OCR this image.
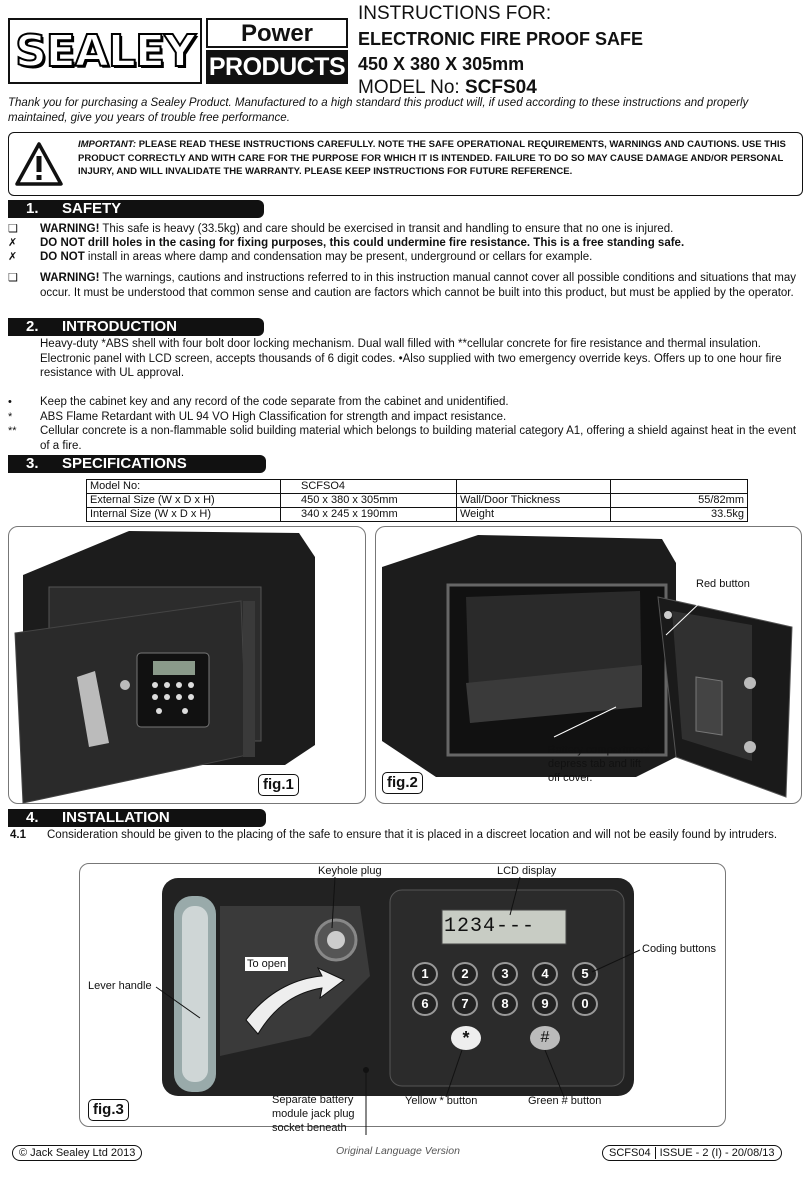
SEALEY	Power
PRODUCTS
INSTRUCTIONS FOR:
ELECTRONIC FIRE PROOF SAFE
450 X 380 X 305mm
MODEL No: SCFS04
Thank you for purchasing a Sealey Product. Manufactured to a high standard this product will, if used according to these instructions and properly maintained, give you years of trouble free performance.
IMPORTANT: PLEASE READ THESE INSTRUCTIONS CAREFULLY. NOTE THE SAFE OPERATIONAL REQUIREMENTS, WARNINGS AND CAUTIONS. USE THIS PRODUCT CORRECTLY AND WITH CARE FOR THE PURPOSE FOR WHICH IT IS INTENDED. FAILURE TO DO SO MAY CAUSE DAMAGE AND/OR PERSONAL INJURY, AND WILL INVALIDATE THE WARRANTY. PLEASE KEEP INSTRUCTIONS FOR FUTURE REFERENCE.
1. SAFETY
❑	WARNING! This safe is heavy (33.5kg) and care should be exercised in transit and handling to ensure that no one is injured.
✗	DO NOT drill holes in the casing for fixing purposes, this could undermine fire resistance. This is a free standing safe.
✗	DO NOT install in areas where damp and condensation may be present, underground or cellars for example.
❑	WARNING! The warnings, cautions and instructions referred to in this instruction manual cannot cover all possible conditions and situations that may occur. It must be understood that common sense and caution are factors which cannot be built into this product, but must be applied by the operator.
2. INTRODUCTION
Heavy-duty *ABS shell with four bolt door locking mechanism. Dual wall filled with **cellular concrete for fire resistance and thermal insulation. Electronic panel with LCD screen, accepts thousands of 6 digit codes. •Also supplied with two emergency override keys. Offers up to one hour fire resistance with UL approval.
•	Keep the cabinet key and any record of the code separate from the cabinet and unidentified.
*	ABS Flame Retardant with UL 94 VO High Classification for strength and impact resistance.
**	Cellular concrete is a non-flammable solid building material which belongs to building material category A1, offering a shield against heat in the event of a fire.
3. SPECIFICATIONS
Model No:	SCFSO4		
External Size (W x D x H)	450 x 380 x 305mm	Wall/Door Thickness	55/82mm
Internal Size (W x D x H)	340 x 245 x 190mm	Weight	33.5kg
fig.1
Red button
Battery compartment
depress tab and lift
off cover.
fig.2
4. INSTALLATION
4.1 Consideration should be given to the placing of the safe to ensure that it is placed in a discreet location and will not be easily found by intruders.
1234---
1	2	3	4	5
6	7	8	9	0
*	#
Keyhole plug	LCD display
To open
Lever handle
Coding buttons
Separate battery
module jack plug
socket beneath
Yellow * button	Green # button
fig.3
© Jack Sealey Ltd 2013	Original Language Version	SCFS04 ISSUE - 2 (I) - 20/08/13
